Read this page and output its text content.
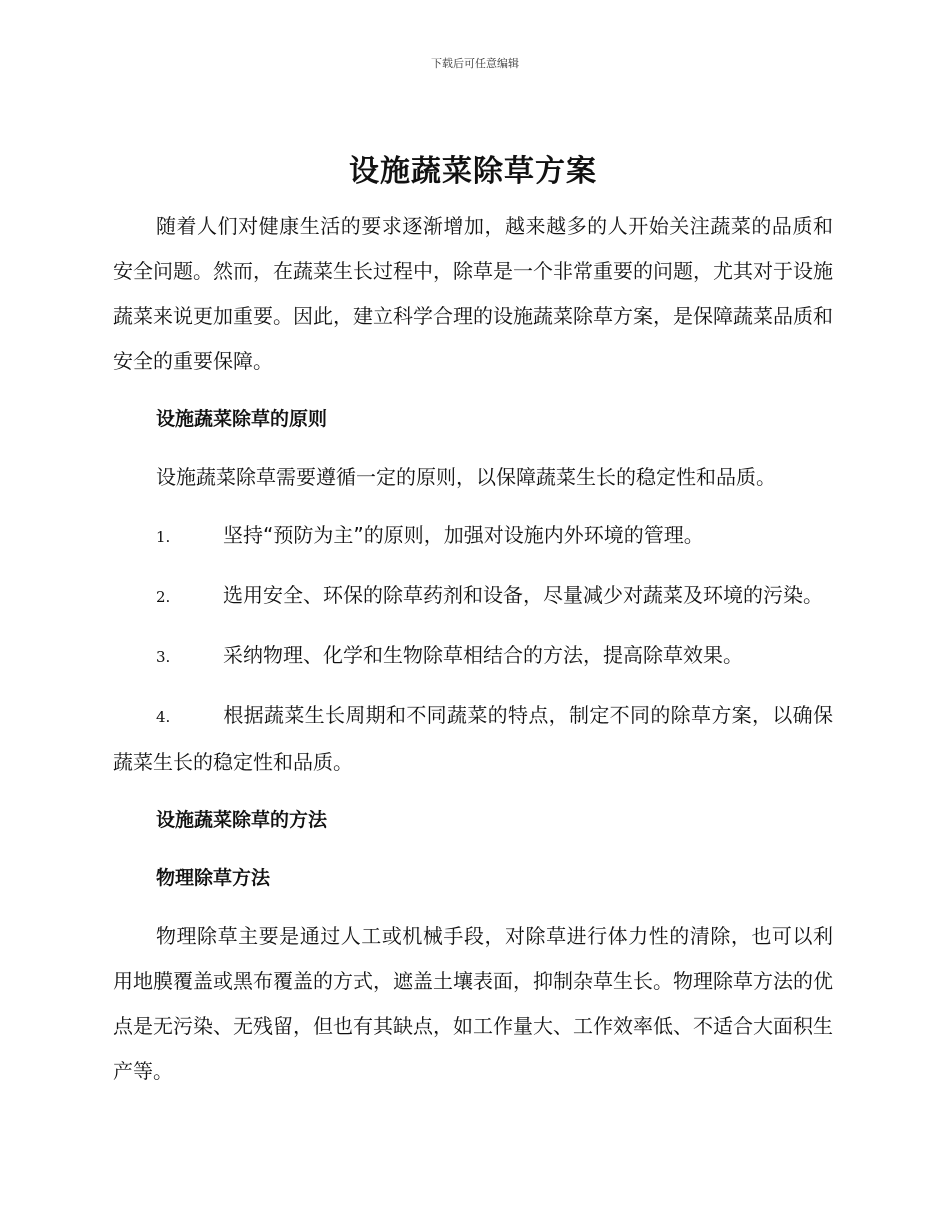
下载后可任意编辑
设施蔬菜除草方案

随着人们对健康生活的要求逐渐增加，越来越多的人开始关注蔬菜的品质和安全问题。然而，在蔬菜生长过程中，除草是一个非常重要的问题，尤其对于设施蔬菜来说更加重要。因此，建立科学合理的设施蔬菜除草方案，是保障蔬菜品质和安全的重要保障。

设施蔬菜除草的原则

设施蔬菜除草需要遵循一定的原则，以保障蔬菜生长的稳定性和品质。

1.	坚持“预防为主”的原则，加强对设施内外环境的管理。

2.	选用安全、环保的除草药剂和设备，尽量减少对蔬菜及环境的污染。

3.	采纳物理、化学和生物除草相结合的方法，提高除草效果。

4.	根据蔬菜生长周期和不同蔬菜的特点，制定不同的除草方案，以确保蔬菜生长的稳定性和品质。

设施蔬菜除草的方法

物理除草方法

物理除草主要是通过人工或机械手段，对除草进行体力性的清除，也可以利用地膜覆盖或黑布覆盖的方式，遮盖土壤表面，抑制杂草生长。物理除草方法的优点是无污染、无残留，但也有其缺点，如工作量大、工作效率低、不适合大面积生产等。
